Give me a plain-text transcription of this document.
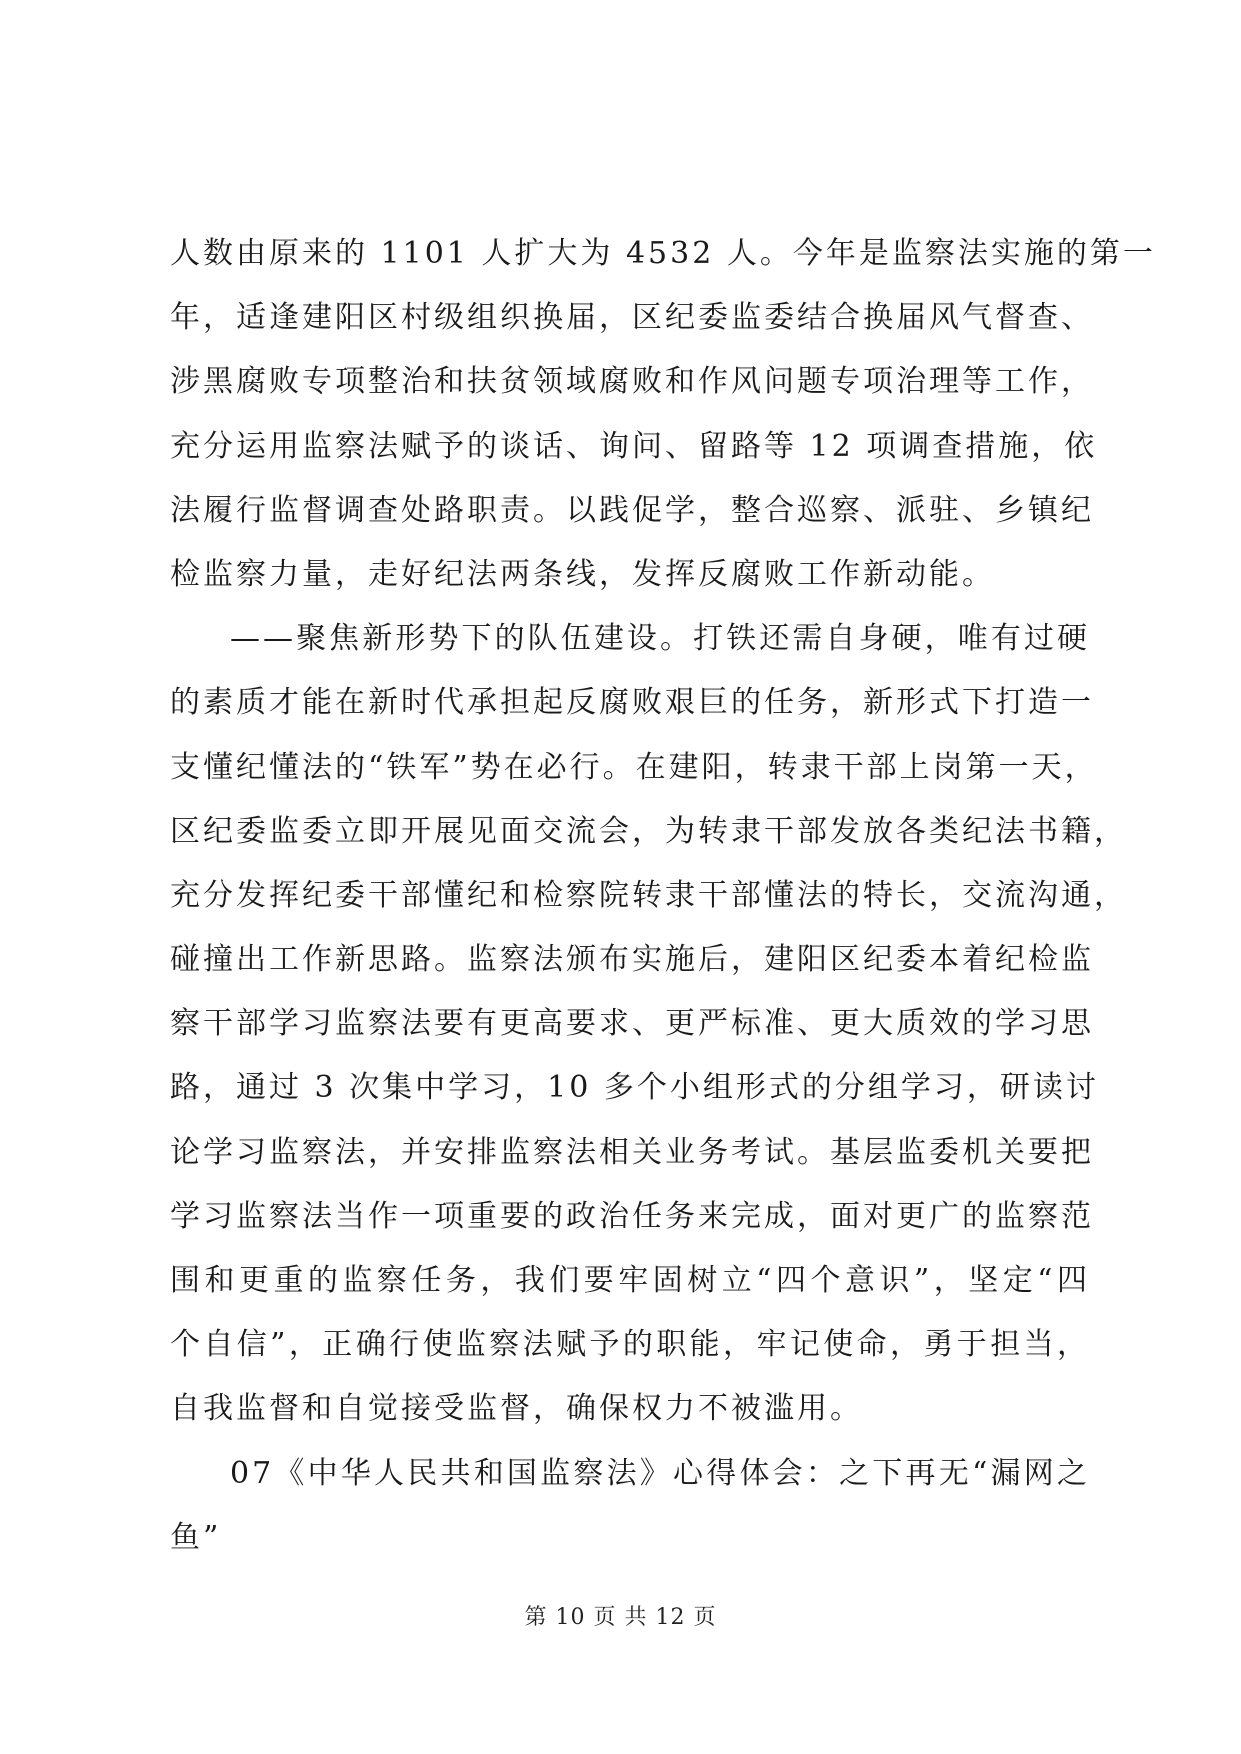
人数由原来的 1101 人扩大为 4532 人。今年是监察法实施的第一
年，适逢建阳区村级组织换届，区纪委监委结合换届风气督查、
涉黑腐败专项整治和扶贫领域腐败和作风问题专项治理等工作，
充分运用监察法赋予的谈话、询问、留路等 12 项调查措施，依
法履行监督调查处路职责。以践促学，整合巡察、派驻、乡镇纪
检监察力量，走好纪法两条线，发挥反腐败工作新动能。
——聚焦新形势下的队伍建设。打铁还需自身硬，唯有过硬
的素质才能在新时代承担起反腐败艰巨的任务，新形式下打造一
支懂纪懂法的“铁军”势在必行。在建阳，转隶干部上岗第一天，
区纪委监委立即开展见面交流会，为转隶干部发放各类纪法书籍，
充分发挥纪委干部懂纪和检察院转隶干部懂法的特长，交流沟通，
碰撞出工作新思路。监察法颁布实施后，建阳区纪委本着纪检监
察干部学习监察法要有更高要求、更严标准、更大质效的学习思
路，通过 3 次集中学习，10 多个小组形式的分组学习，研读讨
论学习监察法，并安排监察法相关业务考试。基层监委机关要把
学习监察法当作一项重要的政治任务来完成，面对更广的监察范
围和更重的监察任务，我们要牢固树立“四个意识”，坚定“四
个自信”，正确行使监察法赋予的职能，牢记使命，勇于担当，
自我监督和自觉接受监督，确保权力不被滥用。
07《中华人民共和国监察法》心得体会：之下再无“漏网之
鱼”
第 10 页 共 12 页
